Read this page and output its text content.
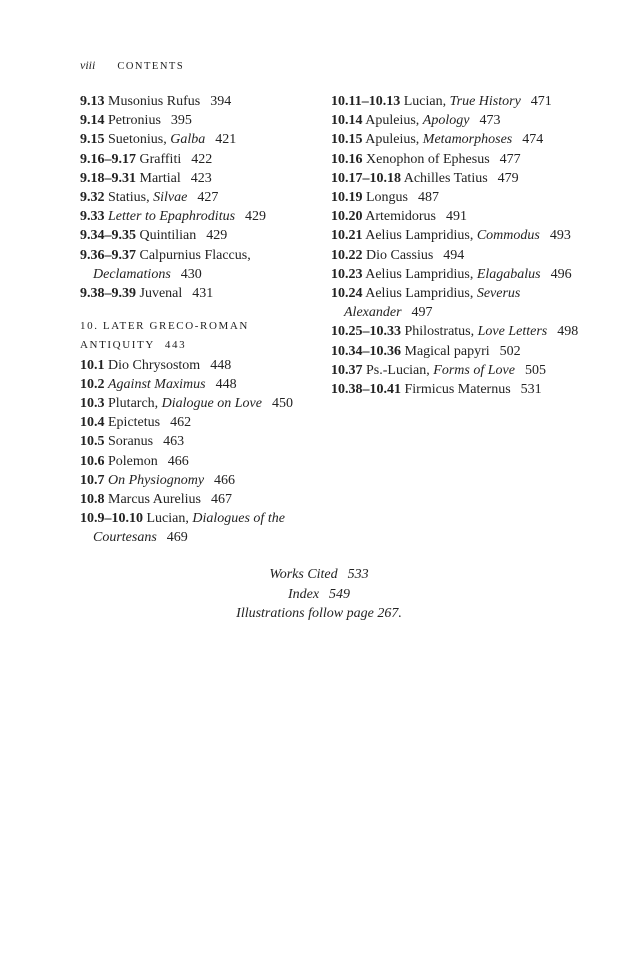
viii CONTENTS
9.13 Musonius Rufus 394
9.14 Petronius 395
9.15 Suetonius, Galba 421
9.16–9.17 Graffiti 422
9.18–9.31 Martial 423
9.32 Statius, Silvae 427
9.33 Letter to Epaphroditus 429
9.34–9.35 Quintilian 429
9.36–9.37 Calpurnius Flaccus, Declamations 430
9.38–9.39 Juvenal 431
10. LATER GRECO-ROMAN ANTIQUITY 443
10.1 Dio Chrysostom 448
10.2 Against Maximus 448
10.3 Plutarch, Dialogue on Love 450
10.4 Epictetus 462
10.5 Soranus 463
10.6 Polemon 466
10.7 On Physiognomy 466
10.8 Marcus Aurelius 467
10.9–10.10 Lucian, Dialogues of the Courtesans 469
10.11–10.13 Lucian, True History 471
10.14 Apuleius, Apology 473
10.15 Apuleius, Metamorphoses 474
10.16 Xenophon of Ephesus 477
10.17–10.18 Achilles Tatius 479
10.19 Longus 487
10.20 Artemidorus 491
10.21 Aelius Lampridius, Commodus 493
10.22 Dio Cassius 494
10.23 Aelius Lampridius, Elagabalus 496
10.24 Aelius Lampridius, Severus Alexander 497
10.25–10.33 Philostratus, Love Letters 498
10.34–10.36 Magical papyri 502
10.37 Ps.-Lucian, Forms of Love 505
10.38–10.41 Firmicus Maternus 531
Works Cited 533
Index 549
Illustrations follow page 267.
